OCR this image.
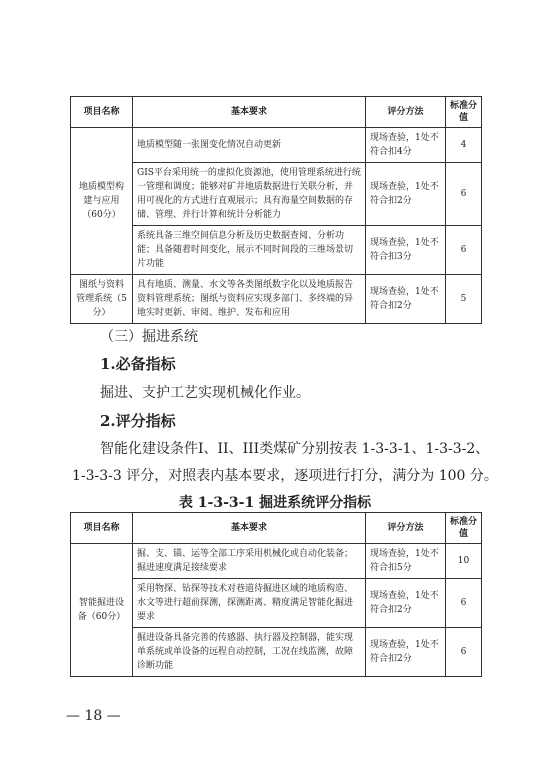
项目名称	基本要求	评分方法	标准分值
地质模型构建与应用（60分）	地质模型随一张图变化情况自动更新	现场查验，1处不符合扣4分	4
	GIS平台采用统一的虚拟化资源池，使用管理系统进行统一管理和调度；能够对矿井地质数据进行关联分析，并用可视化的方式进行直观展示；具有海量空间数据的存储、管理、并行计算和统计分析能力	现场查验，1处不符合扣2分	6
	系统具备三维空间信息分析及历史数据查阅、分析功能；具备随着时间变化，展示不同时间段的三维场景切片功能	现场查验，1处不符合扣3分	6
图纸与资料管理系统（5分）	具有地质、测量、水文等各类图纸数字化以及地质报告资料管理系统；图纸与资料应实现多部门、多终端的异地实时更新、审阅、维护、发布和应用	现场查验，1处不符合扣2分	5
（三）掘进系统
1.必备指标
掘进、支护工艺实现机械化作业。
2.评分指标
智能化建设条件I、II、III类煤矿分别按表 1-3-3-1、1-3-3-2、
1-3-3-3 评分，对照表内基本要求，逐项进行打分，满分为 100 分。
表 1-3-3-1 掘进系统评分指标
项目名称	基本要求	评分方法	标准分值
智能掘进设备（60分）	掘、支、锚、运等全部工序采用机械化或自动化装备；掘进速度满足接续要求	现场查验，1处不符合扣5分	10
	采用物探、钻探等技术对巷道待掘进区域的地质构造、水文等进行超前探测，探测距离、精度满足智能化掘进要求	现场查验，1处不符合扣2分	6
	掘进设备具备完善的传感器、执行器及控制器，能实现单系统或单设备的远程自动控制，工况在线监测，故障诊断功能	现场查验，1处不符合扣2分	6
— 18 —
